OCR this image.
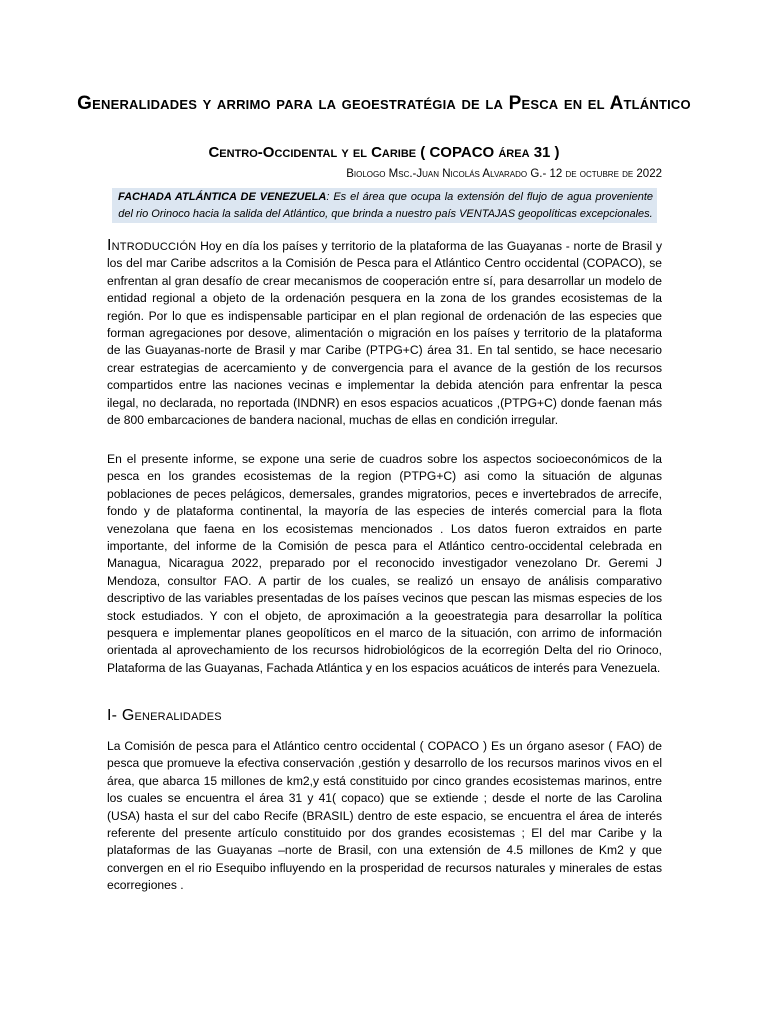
Generalidades y arrimo para la geoestratégia de la Pesca en el Atlántico
Centro-Occidental y el Caribe ( COPACO área 31 )
Biologo Msc.-Juan Nicolás Alvarado G.- 12 de octubre de 2022

FACHADA ATLÁNTICA DE VENEZUELA: Es el área que ocupa la extensión del flujo de agua proveniente del rio Orinoco hacia la salida del Atlántico, que brinda a nuestro país VENTAJAS geopolíticas excepcionales.

Introducción Hoy en día los países y territorio de la plataforma de las Guayanas - norte de Brasil y los del mar Caribe adscritos a la Comisión de Pesca para el Atlántico Centro occidental (COPACO), se enfrentan al gran desafío de crear mecanismos de cooperación entre sí, para desarrollar un modelo de entidad regional a objeto de la ordenación pesquera en la zona de los grandes ecosistemas de la región. Por lo que es indispensable participar en el plan regional de ordenación de las especies que forman agregaciones por desove, alimentación o migración en los países y territorio de la plataforma de las Guayanas-norte de Brasil y mar Caribe (PTPG+C) área 31. En tal sentido, se hace necesario crear estrategias de acercamiento y de convergencia para el avance de la gestión de los recursos compartidos entre las naciones vecinas e implementar la debida atención para enfrentar la pesca ilegal, no declarada, no reportada (INDNR) en esos espacios acuaticos ,(PTPG+C) donde faenan más de 800 embarcaciones de bandera nacional, muchas de ellas en condición irregular.

En el presente informe, se expone una serie de cuadros sobre los aspectos socioeconómicos de la pesca en los grandes ecosistemas de la region (PTPG+C) asi como la situación de algunas poblaciones de peces pelágicos, demersales, grandes migratorios, peces e invertebrados de arrecife, fondo y de plataforma continental, la mayoría de las especies de interés comercial para la flota venezolana que faena en los ecosistemas mencionados . Los datos fueron extraidos en parte importante, del informe de la Comisión de pesca para el Atlántico centro-occidental celebrada en Managua, Nicaragua 2022, preparado por el reconocido investigador venezolano Dr. Geremi J Mendoza, consultor FAO. A partir de los cuales, se realizó un ensayo de análisis comparativo descriptivo de las variables presentadas de los países vecinos que pescan las mismas especies de los stock estudiados. Y con el objeto, de aproximación a la geoestrategia para desarrollar la política pesquera e implementar planes geopolíticos en el marco de la situación, con arrimo de información orientada al aprovechamiento de los recursos hidrobiológicos de la ecorregión Delta del rio Orinoco, Plataforma de las Guayanas, Fachada Atlántica y en los espacios acuáticos de interés para Venezuela.

I- Generalidades

La Comisión de pesca para el Atlántico centro occidental ( COPACO ) Es un órgano asesor ( FAO) de pesca que promueve la efectiva conservación ,gestión y desarrollo de los recursos marinos vivos en el área, que abarca 15 millones de km2,y está constituido por cinco grandes ecosistemas marinos, entre los cuales se encuentra el área 31 y 41( copaco) que se extiende ; desde el norte de las Carolina (USA) hasta el sur del cabo Recife (BRASIL) dentro de este espacio, se encuentra el área de interés referente del presente artículo constituido por dos grandes ecosistemas ; El del mar Caribe y la plataformas de las Guayanas –norte de Brasil, con una extensión de 4.5 millones de Km2 y que convergen en el rio Esequibo influyendo en la prosperidad de recursos naturales y minerales de estas ecorregiones .
